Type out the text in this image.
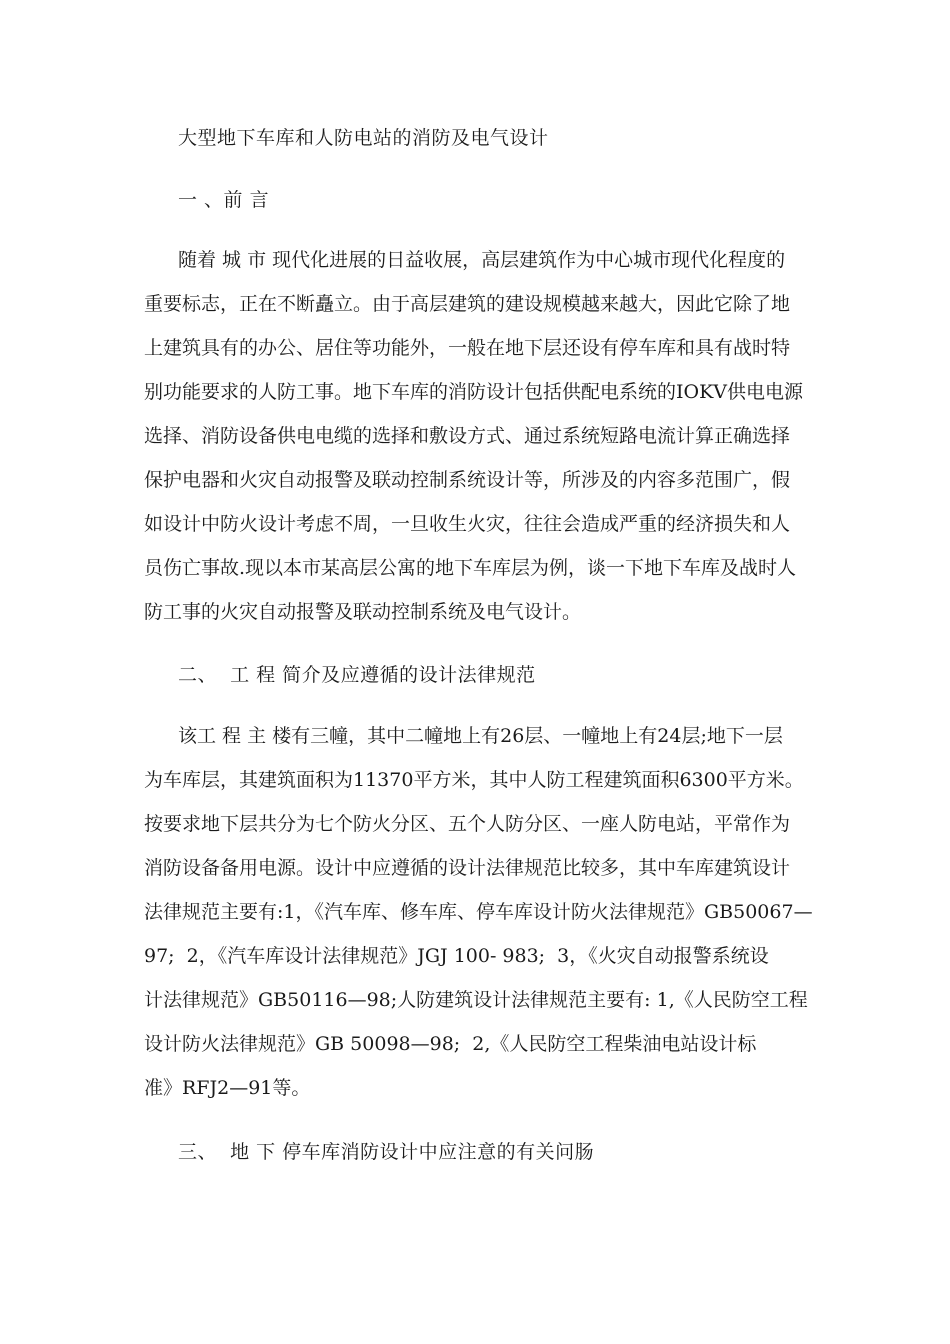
大型地下车库和人防电站的消防及电气设计
一 、前 言
随着 城 市 现代化进展的日益收展，高层建筑作为中心城市现代化程度的
重要标志，正在不断矗立。由于高层建筑的建设规模越来越大，因此它除了地
上建筑具有的办公、居住等功能外，一般在地下层还设有停车库和具有战时特
别功能要求的人防工事。地下车库的消防设计包括供配电系统的IOKV供电电源
选择、消防设备供电电缆的选择和敷设方式、通过系统短路电流计算正确选择
保护电器和火灾自动报警及联动控制系统设计等，所涉及的内容多范围广，假
如设计中防火设计考虑不周，一旦收生火灾，往往会造成严重的经济损失和人
员伤亡事故.现以本市某高层公寓的地下车库层为例，谈一下地下车库及战时人
防工事的火灾自动报警及联动控制系统及电气设计。
二、  工 程 简介及应遵循的设计法律规范
该工 程 主 楼有三幢，其中二幢地上有26层、一幢地上有24层;地下一层
为车库层，其建筑面积为11370平方米，其中人防工程建筑面积6300平方米。
按要求地下层共分为七个防火分区、五个人防分区、一座人防电站，平常作为
消防设备备用电源。设计中应遵循的设计法律规范比较多，其中车库建筑设计
法律规范主要有:1，《汽车库、修车库、停车库设计防火法律规范》GB50067—
97;  2，《汽车库设计法律规范》JGJ 100- 983;  3，《火灾自动报警系统设
计法律规范》GB50116—98;人防建筑设计法律规范主要有: 1,《人民防空工程
设计防火法律规范》GB 50098—98;  2,《人民防空工程柴油电站设计标
准》RFJ2—91等。
三、  地 下 停车库消防设计中应注意的有关问肠
